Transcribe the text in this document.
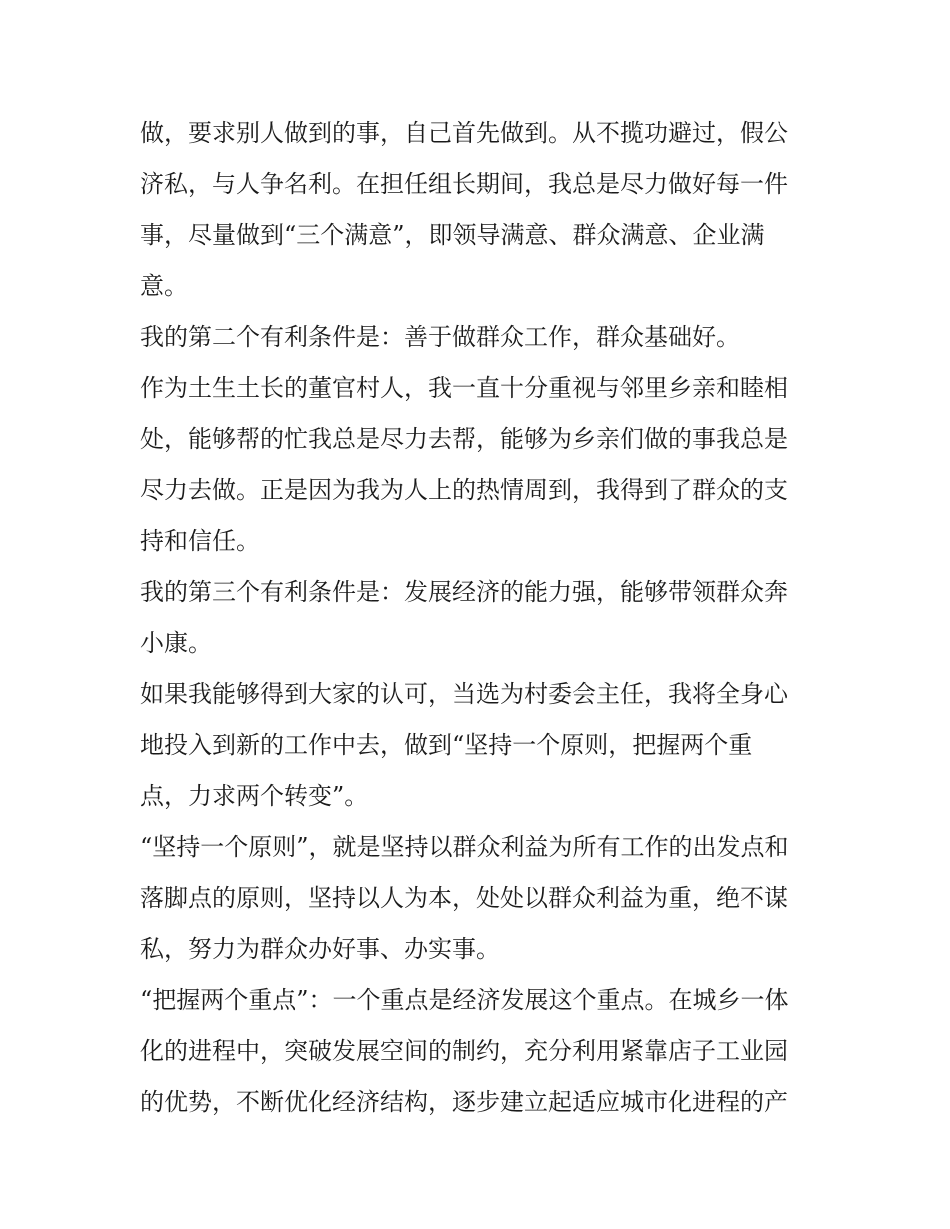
做，要求别人做到的事，自己首先做到。从不揽功避过，假公
济私，与人争名利。在担任组长期间，我总是尽力做好每一件
事，尽量做到“三个满意”，即领导满意、群众满意、企业满
意。
我的第二个有利条件是：善于做群众工作，群众基础好。
作为土生土长的董官村人，我一直十分重视与邻里乡亲和睦相
处，能够帮的忙我总是尽力去帮，能够为乡亲们做的事我总是
尽力去做。正是因为我为人上的热情周到，我得到了群众的支
持和信任。
我的第三个有利条件是：发展经济的能力强，能够带领群众奔
小康。
如果我能够得到大家的认可，当选为村委会主任，我将全身心
地投入到新的工作中去，做到“坚持一个原则，把握两个重
点，力求两个转变”。
“坚持一个原则”，就是坚持以群众利益为所有工作的出发点和
落脚点的原则，坚持以人为本，处处以群众利益为重，绝不谋
私，努力为群众办好事、办实事。
“把握两个重点”：一个重点是经济发展这个重点。在城乡一体
化的进程中，突破发展空间的制约，充分利用紧靠店子工业园
的优势，不断优化经济结构，逐步建立起适应城市化进程的产
